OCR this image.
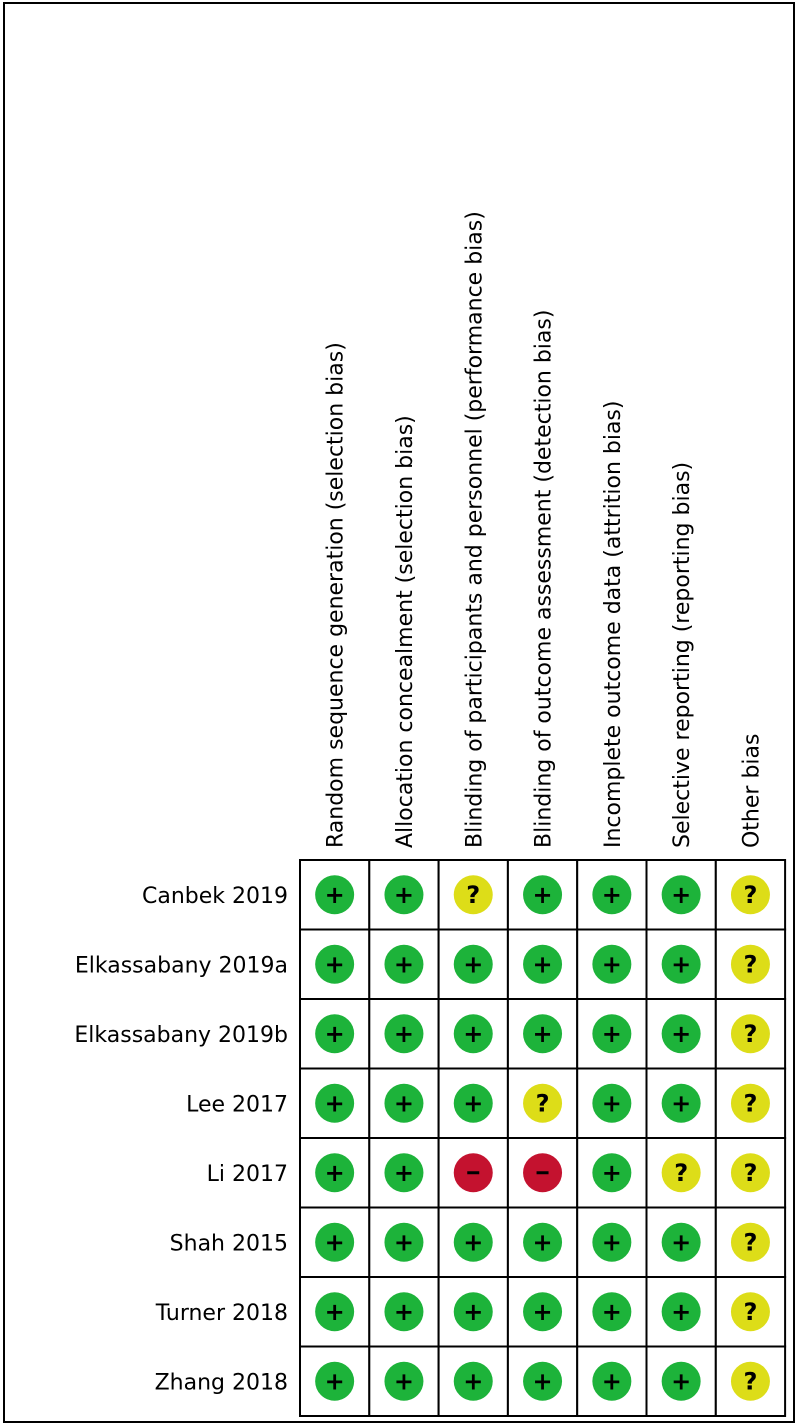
Random sequence generation (selection bias) Allocation concealment (selection bias) Blinding of participants and personnel (performance bias) Blinding of outcome assessment (detection bias) Incomplete outcome data (attrition bias) Selective reporting (reporting bias) Other bias
Canbek 2019
Elkassabany 2019a
Elkassabany 2019b
Lee 2017
Li 2017
Shah 2015
Turner 2018
Zhang 2018
+ + ? + + + ?
+ + + + + + ?
+ + + + + + ?
+ + + ? + + ?
+ +	+ ? ?
+ + + + + + ?
+ + + + + + ?
+ + + + + + ?
